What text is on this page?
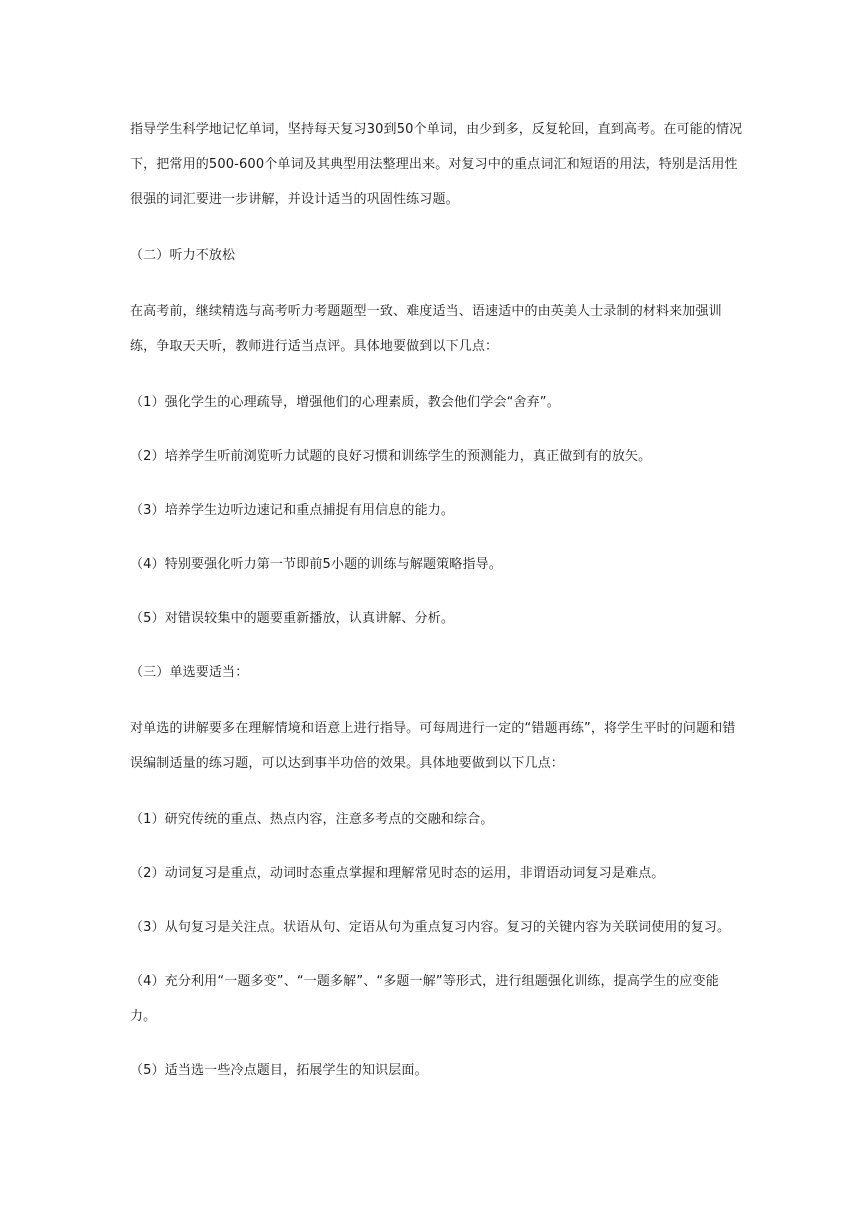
指导学生科学地记忆单词，坚持每天复习30到50个单词，由少到多，反复轮回，直到高考。在可能的情况下，把常用的500-600个单词及其典型用法整理出来。对复习中的重点词汇和短语的用法，特别是活用性很强的词汇要进一步讲解，并设计适当的巩固性练习题。

（二）听力不放松

在高考前，继续精选与高考听力考题题型一致、难度适当、语速适中的由英美人士录制的材料来加强训练，争取天天听，教师进行适当点评。具体地要做到以下几点：

（1）强化学生的心理疏导，增强他们的心理素质，教会他们学会“舍弃”。

（2）培养学生听前浏览听力试题的良好习惯和训练学生的预测能力，真正做到有的放矢。

（3）培养学生边听边速记和重点捕捉有用信息的能力。

（4）特别要强化听力第一节即前5小题的训练与解题策略指导。

（5）对错误较集中的题要重新播放，认真讲解、分析。

（三）单选要适当：

对单选的讲解要多在理解情境和语意上进行指导。可每周进行一定的“错题再练”，将学生平时的问题和错误编制适量的练习题，可以达到事半功倍的效果。具体地要做到以下几点：

（1）研究传统的重点、热点内容，注意多考点的交融和综合。

（2）动词复习是重点，动词时态重点掌握和理解常见时态的运用，非谓语动词复习是难点。

（3）从句复习是关注点。状语从句、定语从句为重点复习内容。复习的关键内容为关联词使用的复习。

（4）充分利用“一题多变”、“一题多解”、“多题一解”等形式，进行组题强化训练，提高学生的应变能力。

（5）适当选一些冷点题目，拓展学生的知识层面。
